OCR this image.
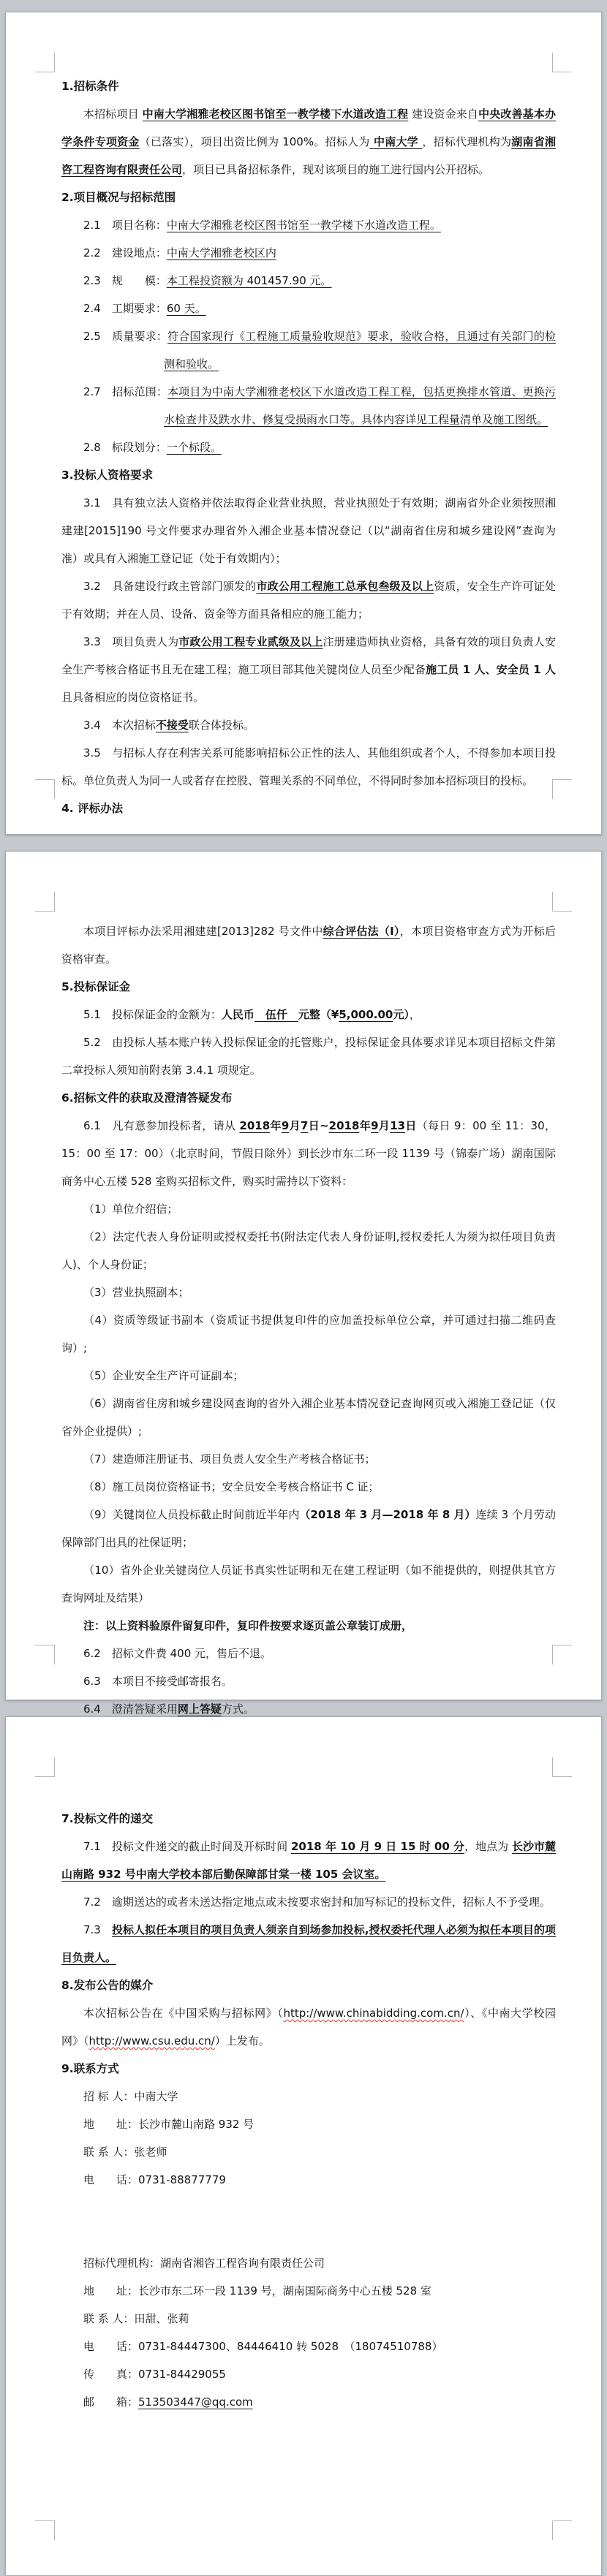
1.招标条件
本招标项目 中南大学湘雅老校区图书馆至一教学楼下水道改造工程 建设资金来自中央改善基本办学条件专项资金（已落实），项目出资比例为 100%。招标人为 中南大学 ，招标代理机构为湖南省湘咨工程咨询有限责任公司，项目已具备招标条件，现对该项目的施工进行国内公开招标。
2.项目概况与招标范围
2.1　项目名称：中南大学湘雅老校区图书馆至一教学楼下水道改造工程。
2.2　建设地点：中南大学湘雅老校区内
2.3　规　　模：本工程投资额为 401457.90 元。
2.4　工期要求：60 天。
2.5　质量要求：符合国家现行《工程施工质量验收规范》要求，验收合格，且通过有关部门的检测和验收。
2.7　招标范围：本项目为中南大学湘雅老校区下水道改造工程工程，包括更换排水管道、更换污水检查井及跌水井、修复受损雨水口等。具体内容详见工程量清单及施工图纸。
2.8　标段划分：一个标段。
3.投标人资格要求
3.1　具有独立法人资格并依法取得企业营业执照，营业执照处于有效期；湖南省外企业须按照湘建建[2015]190 号文件要求办理省外入湘企业基本情况登记（以“湖南省住房和城乡建设网”查询为准）或具有入湘施工登记证（处于有效期内）；
3.2　具备建设行政主管部门颁发的市政公用工程施工总承包叁级及以上资质，安全生产许可证处于有效期；并在人员、设备、资金等方面具备相应的施工能力；
3.3　项目负责人为市政公用工程专业贰级及以上注册建造师执业资格，具备有效的项目负责人安全生产考核合格证书且无在建工程；施工项目部其他关键岗位人员至少配备施工员 1 人、安全员 1 人且具备相应的岗位资格证书。
3.4　本次招标不接受联合体投标。
3.5　与招标人存在利害关系可能影响招标公正性的法人、其他组织或者个人，不得参加本项目投标。单位负责人为同一人或者存在控股、管理关系的不同单位，不得同时参加本招标项目的投标。
4. 评标办法
本项目评标办法采用湘建建[2013]282 号文件中综合评估法（I），本项目资格审查方式为开标后资格审查。
5.投标保证金
5.1　投标保证金的金额为：人民币　伍仟　元整（¥5,000.00元），
5.2　由投标人基本账户转入投标保证金的托管账户，投标保证金具体要求详见本项目招标文件第二章投标人须知前附表第 3.4.1 项规定。
6.招标文件的获取及澄清答疑发布
6.1　凡有意参加投标者，请从 2018年9月7日~2018年9月13日（每日 9：00 至 11：30，15：00 至 17：00）（北京时间，节假日除外）到长沙市东二环一段 1139 号（锦泰广场）湖南国际商务中心五楼 528 室购买招标文件，购买时需持以下资料：
（1）单位介绍信；
（2）法定代表人身份证明或授权委托书(附法定代表人身份证明,授权委托人为须为拟任项目负责人)、个人身份证；
（3）营业执照副本；
（4）资质等级证书副本（资质证书提供复印件的应加盖投标单位公章，并可通过扫描二维码查询）;
（5）企业安全生产许可证副本；
（6）湖南省住房和城乡建设网查询的省外入湘企业基本情况登记查询网页或入湘施工登记证（仅省外企业提供）;
（7）建造师注册证书、项目负责人安全生产考核合格证书；
（8）施工员岗位资格证书；安全员安全考核合格证书 C 证；
（9）关键岗位人员投标截止时间前近半年内（2018 年 3 月—2018 年 8 月）连续 3 个月劳动保障部门出具的社保证明；
（10）省外企业关键岗位人员证书真实性证明和无在建工程证明（如不能提供的，则提供其官方查询网址及结果）
注：以上资料验原件留复印件，复印件按要求逐页盖公章装订成册，
6.2　招标文件费 400 元，售后不退。
6.3　本项目不接受邮寄报名。
6.4　澄清答疑采用网上答疑方式。
7.投标文件的递交
7.1　投标文件递交的截止时间及开标时间 2018 年 10 月 9 日 15 时 00 分，地点为 长沙市麓山南路 932 号中南大学校本部后勤保障部甘棠一楼 105 会议室。
7.2　逾期送达的或者未送达指定地点或未按要求密封和加写标记的投标文件，招标人不予受理。
7.3　投标人拟任本项目的项目负责人须亲自到场参加投标,授权委托代理人必须为拟任本项目的项目负责人。
8.发布公告的媒介
本次招标公告在《中国采购与招标网》（http://www.chinabidding.com.cn/）、《中南大学校园网》（http://www.csu.edu.cn/）上发布。
9.联系方式
招 标 人：中南大学
地　　址：长沙市麓山南路 932 号
联 系 人：张老师
电　　话：0731-88877779

招标代理机构：湖南省湘咨工程咨询有限责任公司
地　　址：长沙市东二环一段 1139 号，湖南国际商务中心五楼 528 室
联 系 人：田甜、张莉
电　　话：0731-84447300、84446410 转 5028　（18074510788）
传　　真：0731-84429055
邮　　箱：513503447@qq.com
